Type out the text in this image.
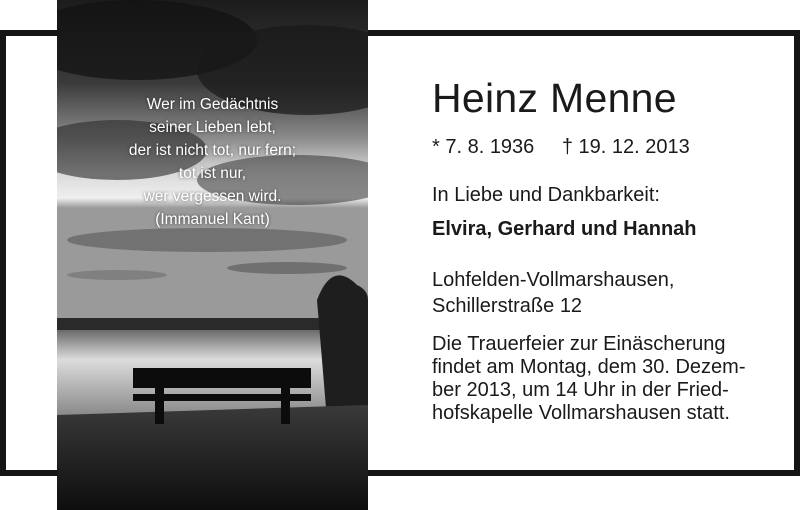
Wer im Gedächtnis
seiner Lieben lebt,
der ist nicht tot, nur fern;
tot ist nur,
wer vergessen wird.
(Immanuel Kant)
Heinz Menne
* 7. 8. 1936 † 19. 12. 2013
In Liebe und Dankbarkeit:
Elvira, Gerhard und Hannah
Lohfelden-Vollmarshausen,
Schillerstraße 12
Die Trauerfeier zur Einäscherung
findet am Montag, dem 30. Dezem-
ber 2013, um 14 Uhr in der Fried-
hofskapelle Vollmarshausen statt.
